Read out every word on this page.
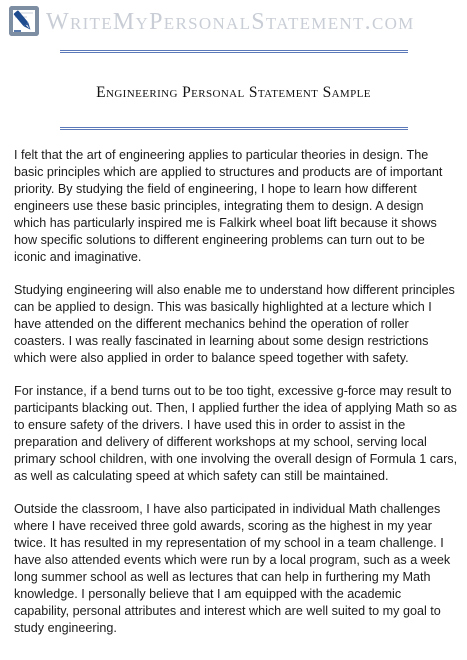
WriteMyPersonalStatement.com
Engineering Personal Statement Sample

I felt that the art of engineering applies to particular theories in design. The basic principles which are applied to structures and products are of important priority. By studying the field of engineering, I hope to learn how different engineers use these basic principles, integrating them to design. A design which has particularly inspired me is Falkirk wheel boat lift because it shows how specific solutions to different engineering problems can turn out to be iconic and imaginative.

Studying engineering will also enable me to understand how different principles can be applied to design. This was basically highlighted at a lecture which I have attended on the different mechanics behind the operation of roller coasters. I was really fascinated in learning about some design restrictions which were also applied in order to balance speed together with safety.

For instance, if a bend turns out to be too tight, excessive g-force may result to participants blacking out. Then, I applied further the idea of applying Math so as to ensure safety of the drivers. I have used this in order to assist in the preparation and delivery of different workshops at my school, serving local primary school children, with one involving the overall design of Formula 1 cars, as well as calculating speed at which safety can still be maintained.

Outside the classroom, I have also participated in individual Math challenges where I have received three gold awards, scoring as the highest in my year twice. It has resulted in my representation of my school in a team challenge. I have also attended events which were run by a local program, such as a week long summer school as well as lectures that can help in furthering my Math knowledge. I personally believe that I am equipped with the academic capability, personal attributes and interest which are well suited to my goal to study engineering.
